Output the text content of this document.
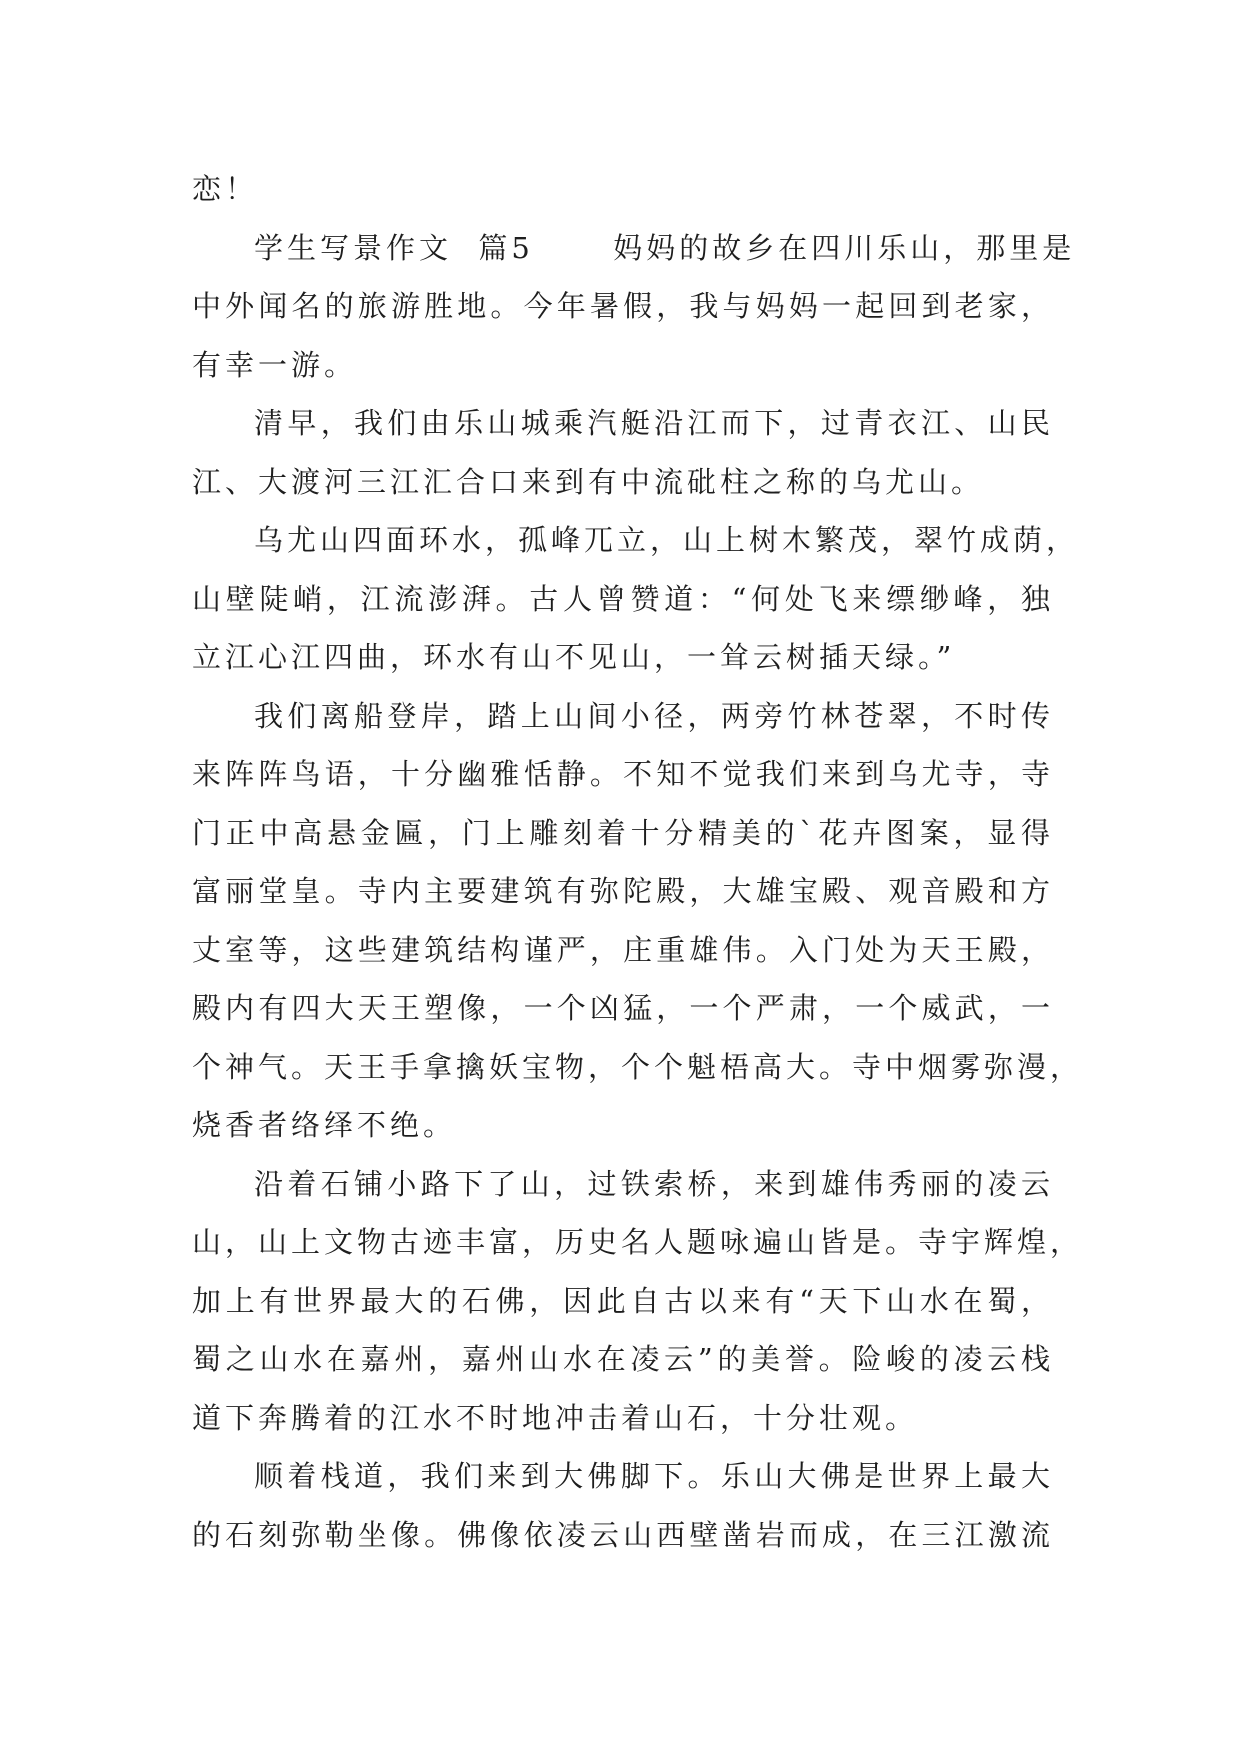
恋！
学生写景作文  篇5      妈妈的故乡在四川乐山，那里是
中外闻名的旅游胜地。今年暑假，我与妈妈一起回到老家，
有幸一游。
清早，我们由乐山城乘汽艇沿江而下，过青衣江、山民
江、大渡河三江汇合口来到有中流砒柱之称的乌尤山。
乌尤山四面环水，孤峰兀立，山上树木繁茂，翠竹成荫，
山壁陡峭，江流澎湃。古人曾赞道：“何处飞来缥缈峰，独
立江心江四曲，环水有山不见山，一耸云树插天绿。”
我们离船登岸，踏上山间小径，两旁竹林苍翠，不时传
来阵阵鸟语，十分幽雅恬静。不知不觉我们来到乌尤寺，寺
门正中高悬金匾，门上雕刻着十分精美的`花卉图案，显得
富丽堂皇。寺内主要建筑有弥陀殿，大雄宝殿、观音殿和方
丈室等，这些建筑结构谨严，庄重雄伟。入门处为天王殿，
殿内有四大天王塑像，一个凶猛，一个严肃，一个威武，一
个神气。天王手拿擒妖宝物，个个魁梧高大。寺中烟雾弥漫，
烧香者络绎不绝。
沿着石铺小路下了山，过铁索桥，来到雄伟秀丽的凌云
山，山上文物古迹丰富，历史名人题咏遍山皆是。寺宇辉煌，
加上有世界最大的石佛，因此自古以来有“天下山水在蜀，
蜀之山水在嘉州，嘉州山水在凌云”的美誉。险峻的凌云栈
道下奔腾着的江水不时地冲击着山石，十分壮观。
顺着栈道，我们来到大佛脚下。乐山大佛是世界上最大
的石刻弥勒坐像。佛像依凌云山西壁凿岩而成，在三江激流
